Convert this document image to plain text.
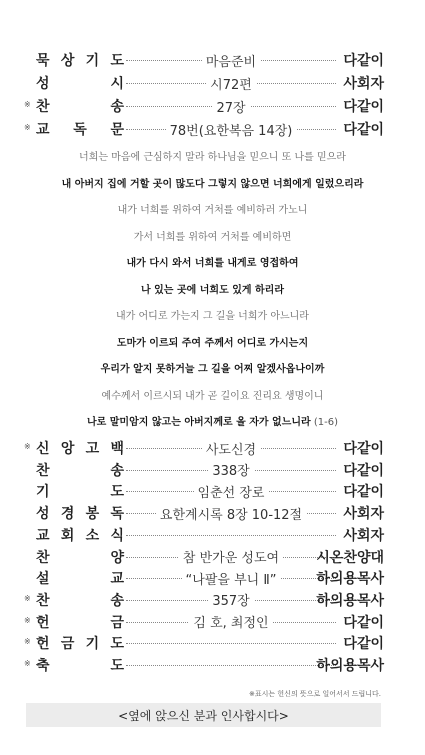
묵 상 기 도	마음준비	다같이
성	시	시72편	사회자
※ 찬	송	27장	다같이
※ 교 독 문	78번(요한복음 14장)	다같이
너희는 마음에 근심하지 말라 하나님을 믿으니 또 나를 믿으라
내 아버지 집에 거할 곳이 많도다 그렇지 않으면 너희에게 일렀으리라
내가 너희를 위하여 거처를 예비하러 가노니
가서 너희를 위하여 거처를 예비하면
내가 다시 와서 너희를 내게로 영접하여
나 있는 곳에 너희도 있게 하리라
내가 어디로 가는지 그 길을 너희가 아느니라
도마가 이르되 주여 주께서 어디로 가시는지
우리가 알지 못하거늘 그 길을 어찌 알겠사옵나이까
예수께서 이르시되 내가 곧 길이요 진리요 생명이니
나로 말미암지 않고는 아버지께로 올 자가 없느니라 (1-6)
※ 신 앙 고 백	사도신경	다같이
찬	송	338장	다같이
기	도	임춘선 장로	다같이
성 경 봉 독	요한계시록 8장 10-12절	사회자
교 회 소 식	사회자
찬	양	참 반가운 성도여	시온찬양대
설	교	“나팔을 부니 Ⅱ”	하의용목사
※ 찬	송	357장	하의용목사
※ 헌	금	김 호, 최정인	다같이
※ 헌 금 기 도	다같이
※ 축	도	하의용목사
※표시는 헌신의 뜻으로 일어서서 드립니다.
<옆에 앉으신 분과 인사합시다>
